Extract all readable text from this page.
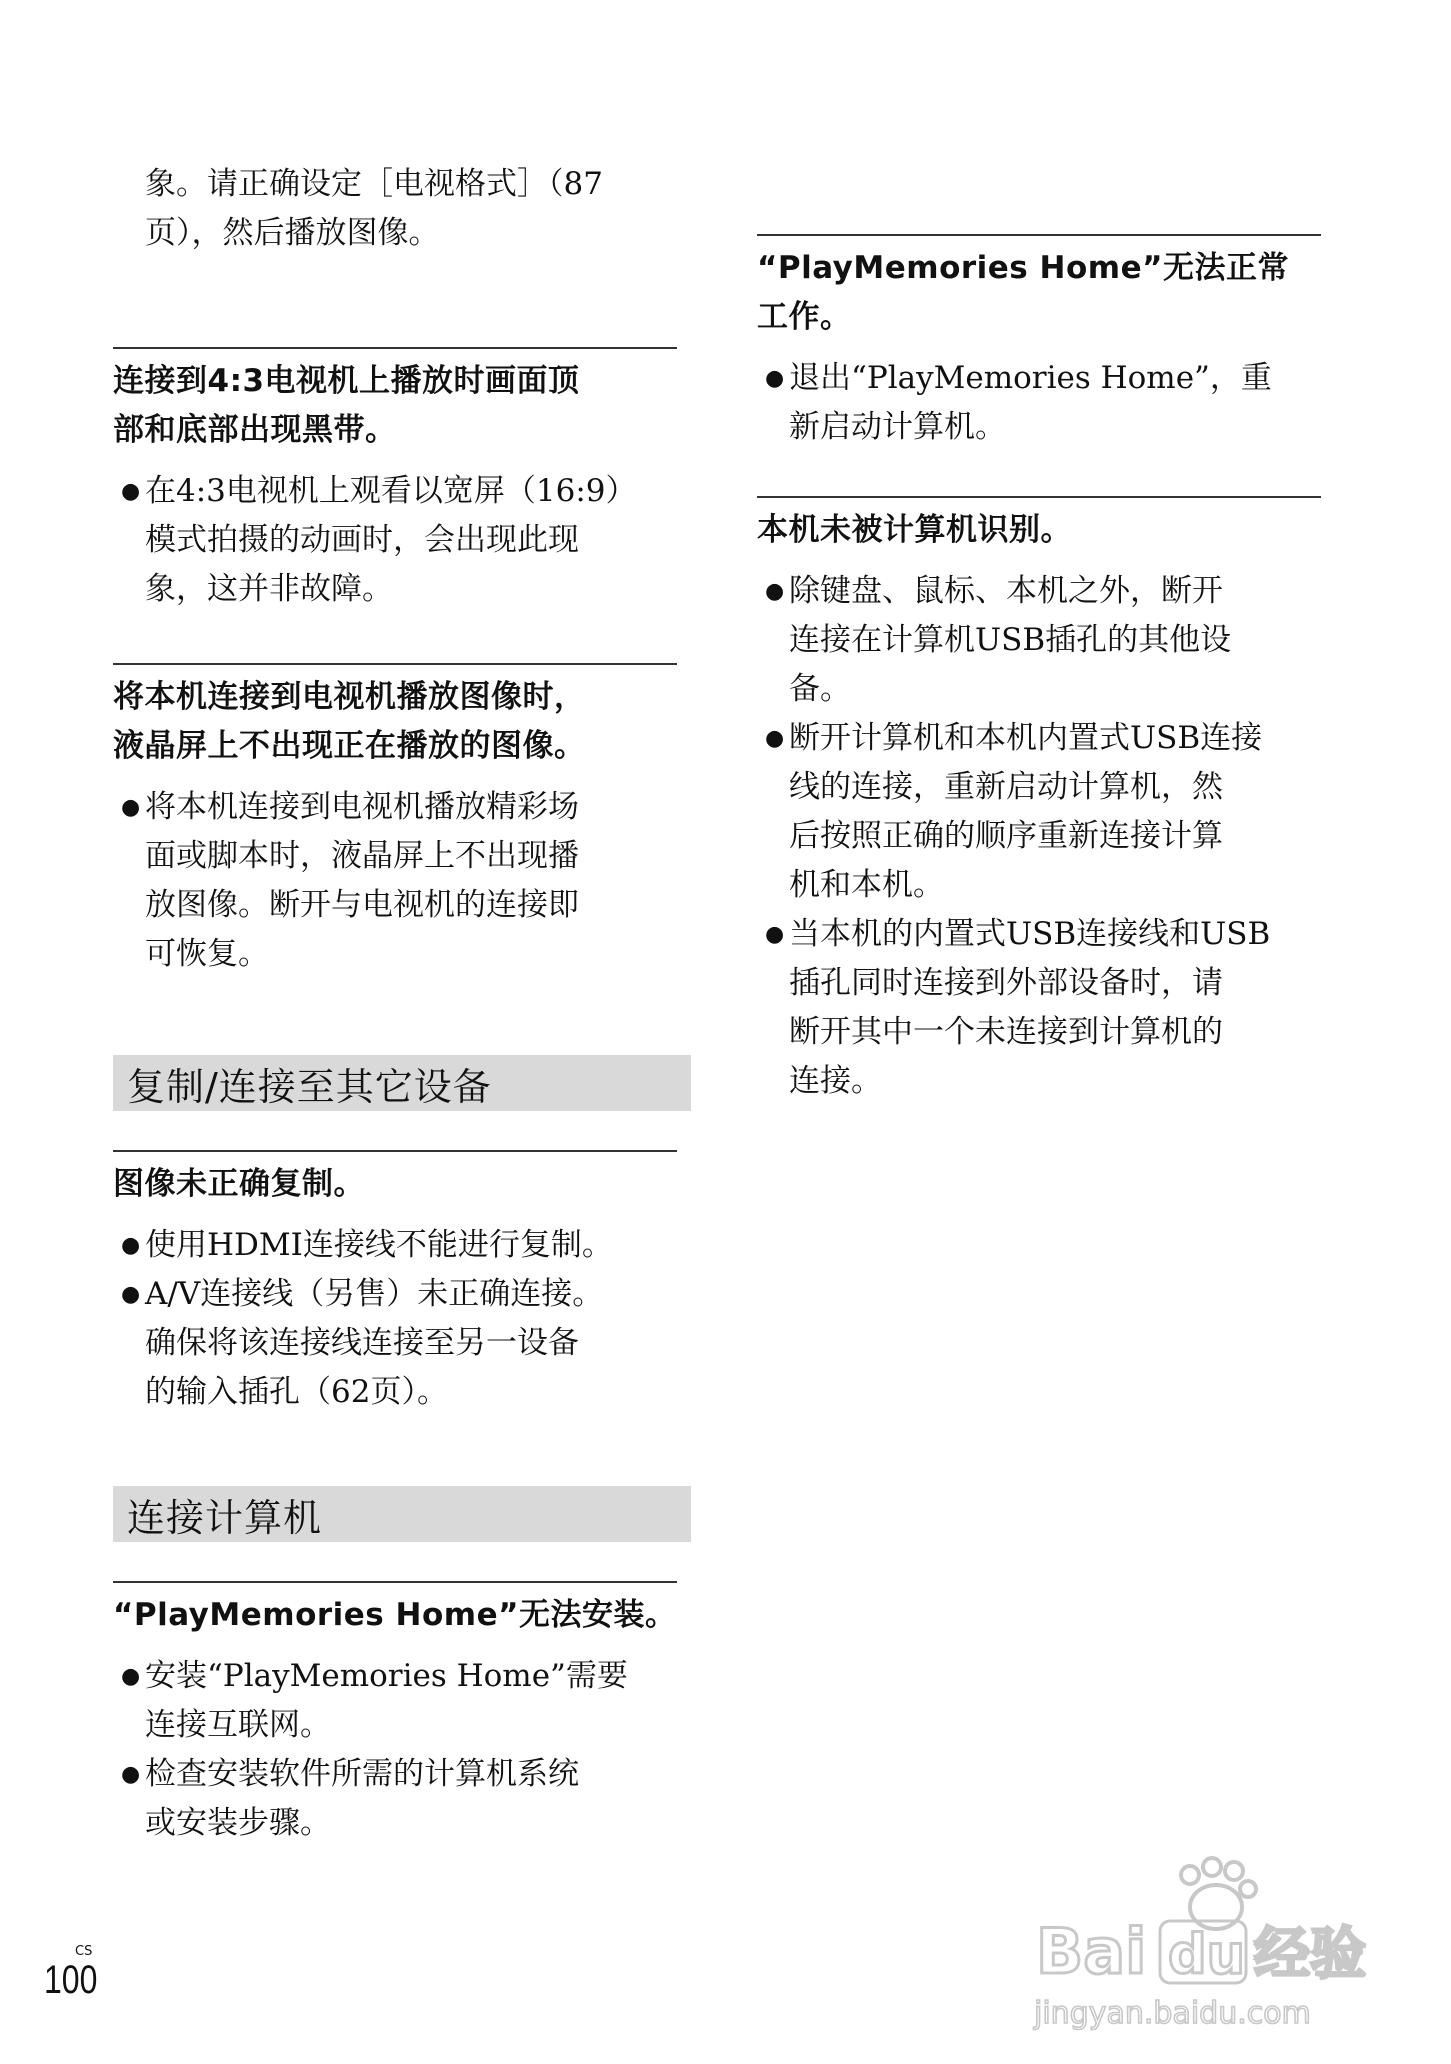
象。请正确设定［电视格式］（87
页），然后播放图像。
连接到4:3电视机上播放时画面顶
部和底部出现黑带。
● 在4:3电视机上观看以宽屏（16:9）
模式拍摄的动画时，会出现此现
象，这并非故障。
将本机连接到电视机播放图像时，
液晶屏上不出现正在播放的图像。
● 将本机连接到电视机播放精彩场
面或脚本时，液晶屏上不出现播
放图像。断开与电视机的连接即
可恢复。
复制/连接至其它设备
图像未正确复制。
● 使用HDMI连接线不能进行复制。
● A/V连接线（另售）未正确连接。
确保将该连接线连接至另一设备
的输入插孔（62页）。
连接计算机
“PlayMemories Home”无法安装。
● 安装“PlayMemories Home”需要
连接互联网。
● 检查安装软件所需的计算机系统
或安装步骤。
“PlayMemories Home”无法正常
工作。
● 退出“PlayMemories Home”，重
新启动计算机。
本机未被计算机识别。
● 除键盘、鼠标、本机之外，断开
连接在计算机USB插孔的其他设
备。
● 断开计算机和本机内置式USB连接
线的连接，重新启动计算机，然
后按照正确的顺序重新连接计算
机和本机。
● 当本机的内置式USB连接线和USB
插孔同时连接到外部设备时，请
断开其中一个未连接到计算机的
连接。
CS
100	Bai du 经验
jingyan.baidu.com
